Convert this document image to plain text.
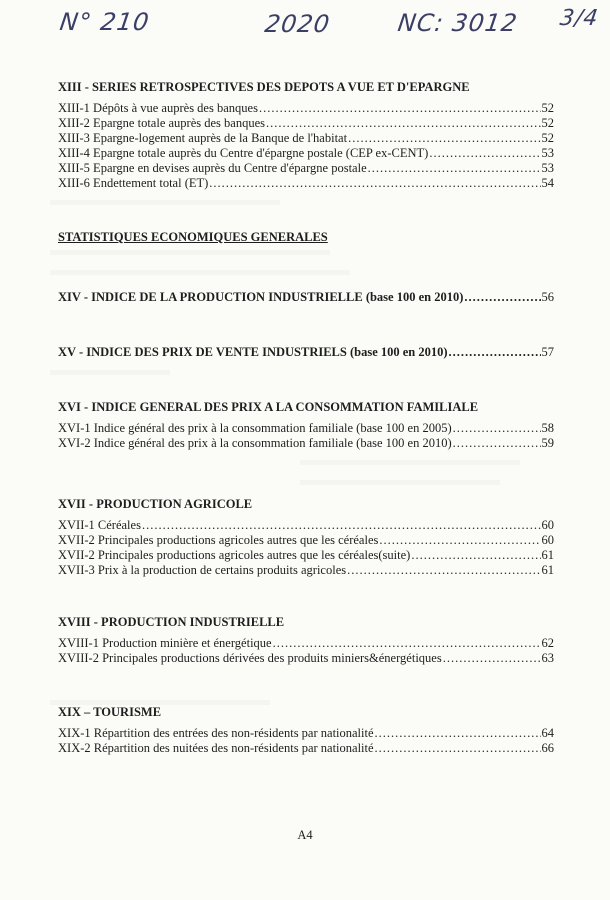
N° 210	2020	NC: 3012 3/4
XIII - SERIES RETROSPECTIVES DES DEPOTS A VUE ET D'EPARGNE
XIII-1 Dépôts à vue auprès des banques .....	52
XIII-2 Epargne totale auprès des banques .....	52
XIII-3 Epargne-logement auprès de la Banque de l'habitat .....	52
XIII-4 Epargne totale auprès du Centre d'épargne postale (CEP ex-CENT) .....	53
XIII-5 Epargne en devises auprès du Centre d'épargne postale .....	53
XIII-6 Endettement total (ET) .....	54
STATISTIQUES ECONOMIQUES GENERALES
XIV - INDICE DE LA PRODUCTION INDUSTRIELLE (base 100 en 2010) .....	56
XV - INDICE DES PRIX DE VENTE INDUSTRIELS (base 100 en 2010) .....	57
XVI - INDICE GENERAL DES PRIX A LA CONSOMMATION FAMILIALE
XVI-1 Indice général des prix à la consommation familiale (base 100 en 2005) .....	58
XVI-2 Indice général des prix à la consommation familiale (base 100 en 2010) .....	59
XVII - PRODUCTION AGRICOLE
XVII-1 Céréales .....	60
XVII-2 Principales productions agricoles autres que les céréales .....	60
XVII-2 Principales productions agricoles autres que les céréales(suite) .....	61
XVII-3 Prix à la production de certains produits agricoles .....	61
XVIII - PRODUCTION INDUSTRIELLE
XVIII-1 Production minière et énergétique .....	62
XVIII-2 Principales productions dérivées des produits miniers&énergétiques .....	63
XIX – TOURISME
XIX-1 Répartition des entrées des non-résidents par nationalité .....	64
XIX-2 Répartition des nuitées des non-résidents par nationalité .....	66
A4
